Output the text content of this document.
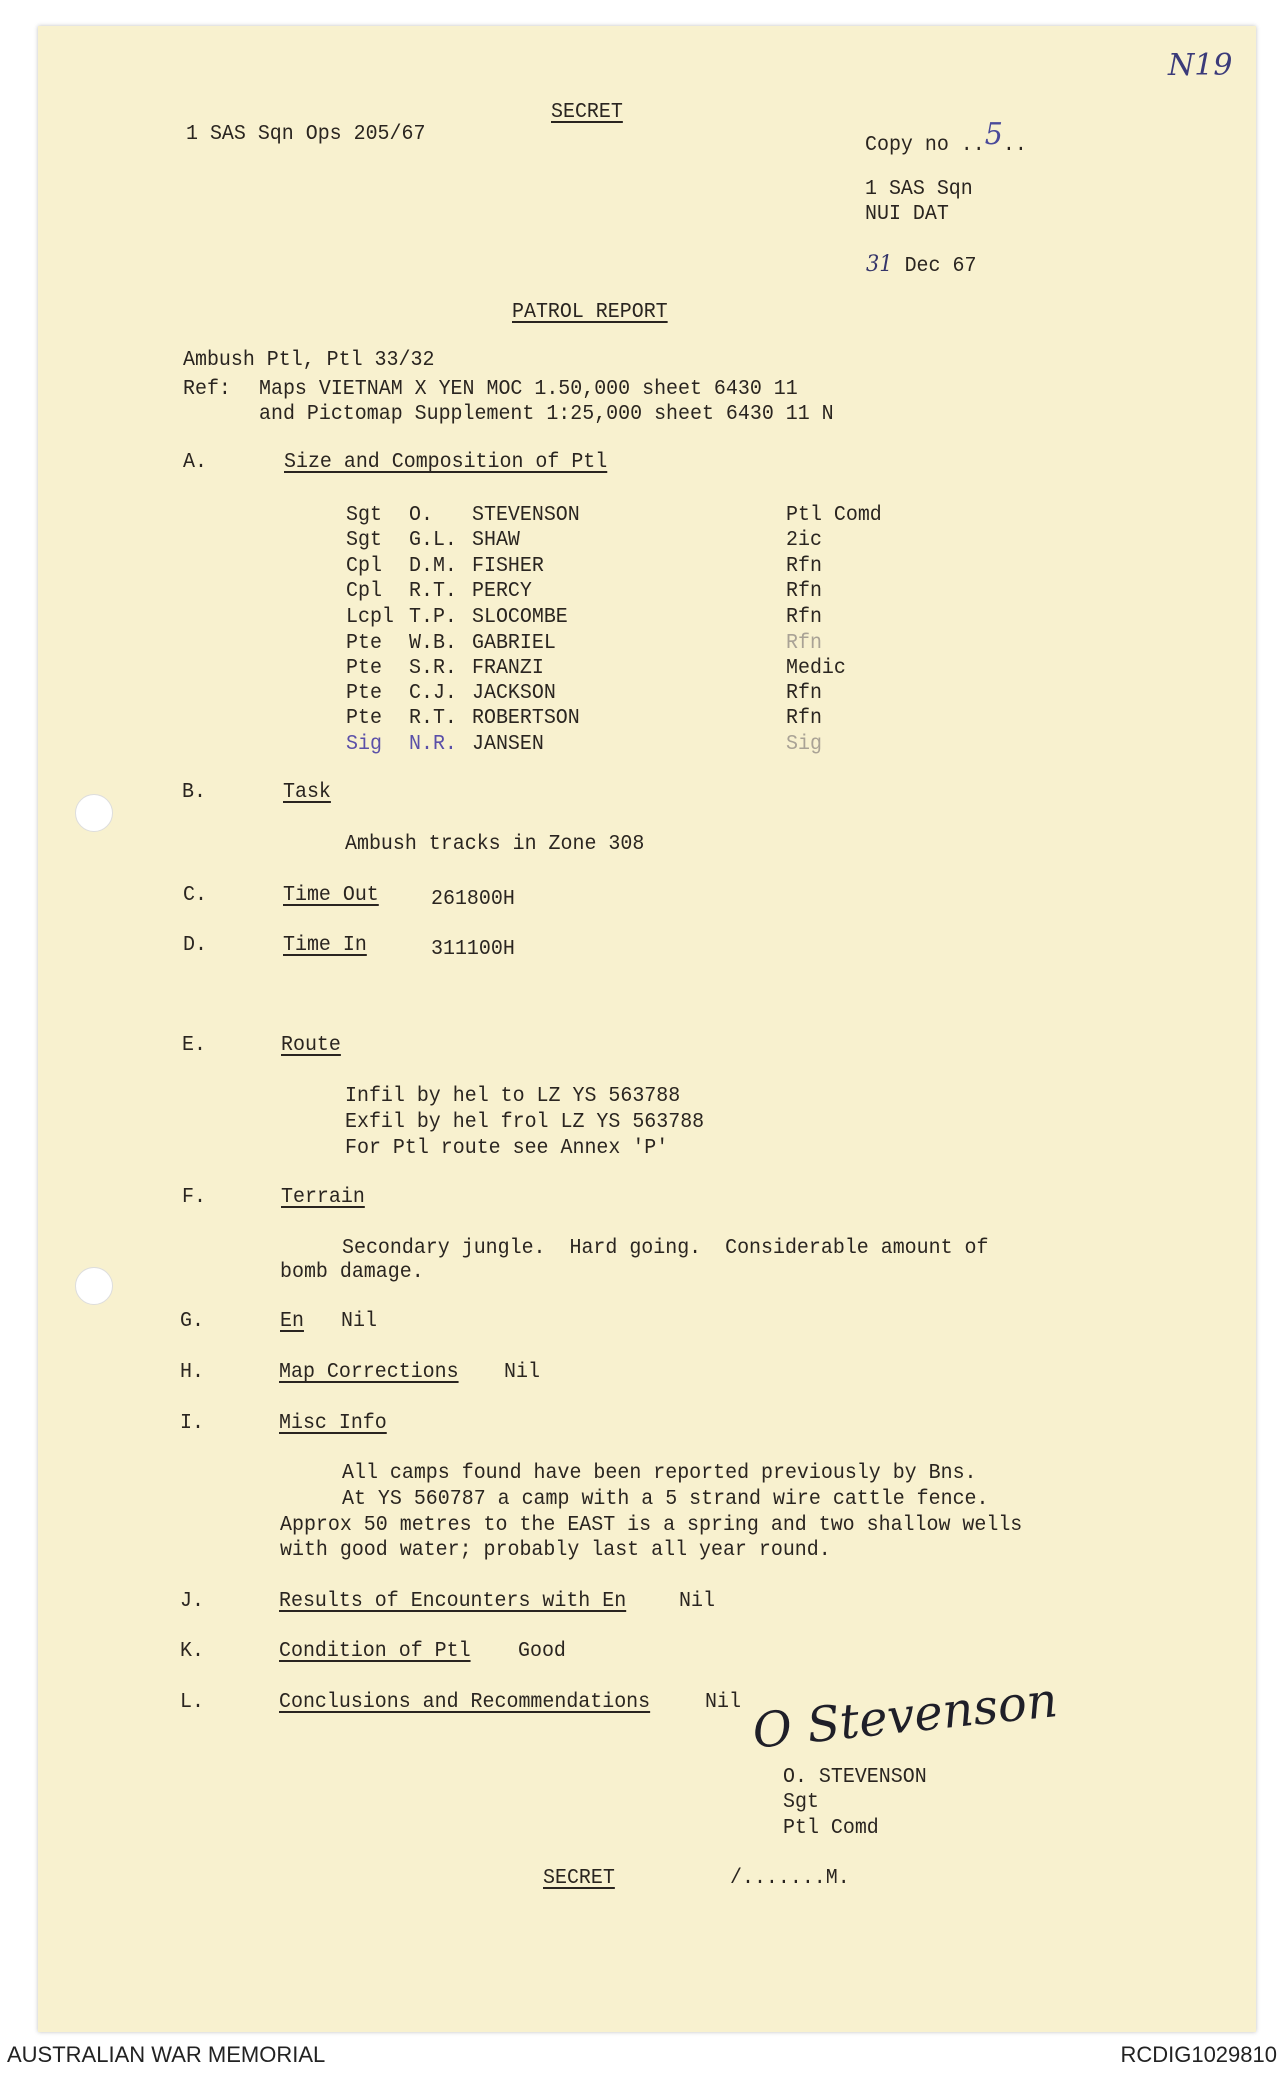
N19
SECRET
1 SAS Sqn Ops 205/67	Copy no ..5..
1 SAS Sqn
NUI DAT
31 Dec 67
PATROL REPORT
Ambush Ptl, Ptl 33/32
Ref: Maps VIETNAM X YEN MOC 1.50,000 sheet 6430 11
and Pictomap Supplement 1:25,000 sheet 6430 11 N
A.	Size and Composition of Ptl
Sgt O. STEVENSON	Ptl Comd
Sgt G.L. SHAW	2ic
Cpl D.M. FISHER	Rfn
Cpl R.T. PERCY	Rfn
Lcpl T.P. SLOCOMBE	Rfn
Pte W.B. GABRIEL	Rfn
Pte S.R. FRANZI	Medic
Pte C.J. JACKSON	Rfn
Pte R.T. ROBERTSON	Rfn
Sig N.R. JANSEN	Sig
B.	Task
Ambush tracks in Zone 308
C.	Time Out 261800H
D.	Time In	311100H
E.	Route
Infil by hel to LZ YS 563788
Exfil by hel frol LZ YS 563788
For Ptl route see Annex 'P'
F.	Terrain
Secondary jungle.  Hard going.  Considerable amount of
bomb damage.
G.	En Nil
H.	Map Corrections Nil
I.	Misc Info
All camps found have been reported previously by Bns.
At YS 560787 a camp with a 5 strand wire cattle fence.
Approx 50 metres to the EAST is a spring and two shallow wells
with good water; probably last all year round.
J.	Results of Encounters with En	Nil
K.	Condition of Ptl Good
L.	Conclusions and Recommendations	Nil O Stevenson
O. STEVENSON
Sgt
Ptl Comd
SECRET	/.......M.
AUSTRALIAN WAR MEMORIAL	RCDIG1029810
